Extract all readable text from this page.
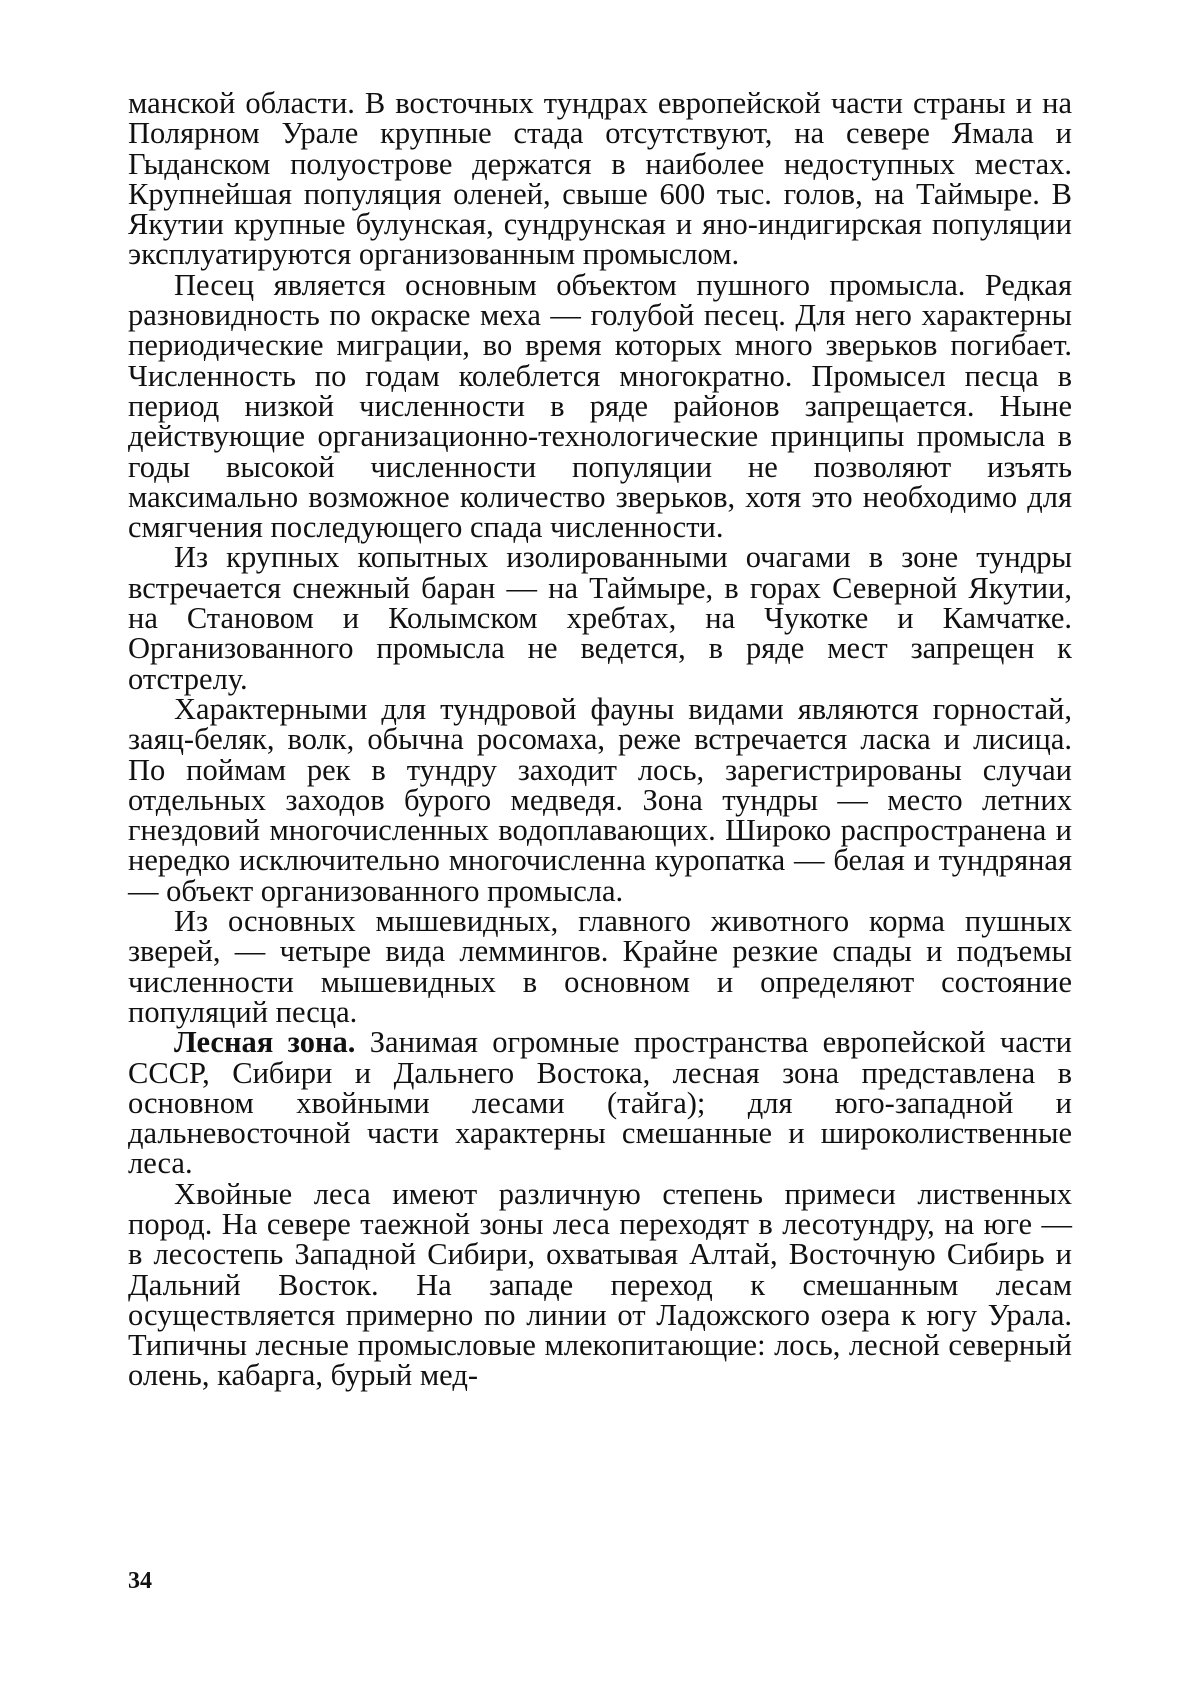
манской области. В восточных тундрах европейской части страны и на Полярном Урале крупные стада отсутствуют, на севере Ямала и Гыданском полуострове держатся в наиболее недоступных местах. Крупнейшая популяция оленей, свыше 600 тыс. голов, на Таймыре. В Якутии крупные булунская, сундрунская и яно-индигирская популяции эксплуатируются организованным промыслом.

Песец является основным объектом пушного промысла. Редкая разновидность по окраске меха — голубой песец. Для него характерны периодические миграции, во время которых много зверьков погибает. Численность по годам колеблется многократно. Промысел песца в период низкой численности в ряде районов запрещается. Ныне действующие организационно-технологические принципы промысла в годы высокой численности популяции не позволяют изъять максимально возможное количество зверьков, хотя это необходимо для смягчения последующего спада численности.

Из крупных копытных изолированными очагами в зоне тундры встречается снежный баран — на Таймыре, в горах Северной Якутии, на Становом и Колымском хребтах, на Чукотке и Камчатке. Организованного промысла не ведется, в ряде мест запрещен к отстрелу.

Характерными для тундровой фауны видами являются горностай, заяц-беляк, волк, обычна росомаха, реже встречается ласка и лисица. По поймам рек в тундру заходит лось, зарегистрированы случаи отдельных заходов бурого медведя. Зона тундры — место летних гнездовий многочисленных водоплавающих. Широко распространена и нередко исключительно многочисленна куропатка — белая и тундряная — объект организованного промысла.

Из основных мышевидных, главного животного корма пушных зверей, — четыре вида леммингов. Крайне резкие спады и подъемы численности мышевидных в основном и определяют состояние популяций песца.

Лесная зона. Занимая огромные пространства европейской части СССР, Сибири и Дальнего Востока, лесная зона представлена в основном хвойными лесами (тайга); для юго-западной и дальневосточной части характерны смешанные и широколиственные леса.

Хвойные леса имеют различную степень примеси лиственных пород. На севере таежной зоны леса переходят в лесотундру, на юге — в лесостепь Западной Сибири, охватывая Алтай, Восточную Сибирь и Дальний Восток. На западе переход к смешанным лесам осуществляется примерно по линии от Ладожского озера к югу Урала. Типичны лесные промысловые млекопитающие: лось, лесной северный олень, кабарга, бурый мед-

34
